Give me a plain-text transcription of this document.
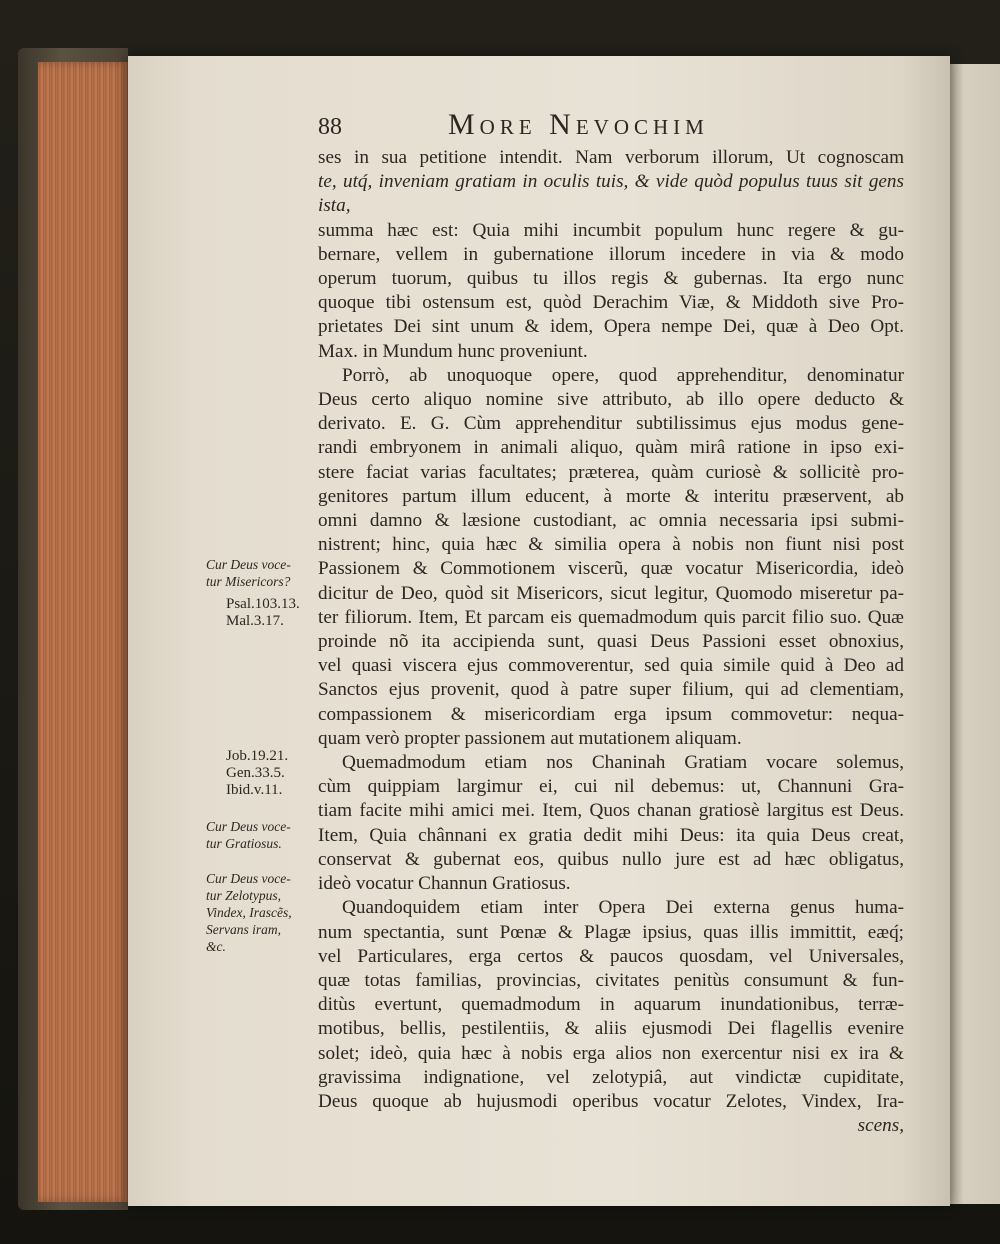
88	More Nevochim
ses in sua petitione intendit. Nam verborum illorum, Ut cognoscam
te, utq́, inveniam gratiam in oculis tuis, & vide quòd populus tuus sit gens ista,
summa hæc est: Quia mihi incumbit populum hunc regere & gu-
bernare, vellem in gubernatione illorum incedere in via & modo
operum tuorum, quibus tu illos regis & gubernas. Ita ergo nunc
quoque tibi ostensum est, quòd Derachim Viæ, & Middoth sive Pro-
prietates Dei sint unum & idem, Opera nempe Dei, quæ à Deo Opt.
Max. in Mundum hunc proveniunt.
Porrò, ab unoquoque opere, quod apprehenditur, denominatur
Deus certo aliquo nomine sive attributo, ab illo opere deducto &
derivato. E. G. Cùm apprehenditur subtilissimus ejus modus gene-
randi embryonem in animali aliquo, quàm mirâ ratione in ipso exi-
stere faciat varias facultates; præterea, quàm curiosè & sollicitè pro-
genitores partum illum educent, à morte & interitu præservent, ab
omni damno & læsione custodiant, ac omnia necessaria ipsi submi-
nistrent; hinc, quia hæc & similia opera à nobis non fiunt nisi post
Passionem & Commotionem viscerũ, quæ vocatur Misericordia, ideò
dicitur de Deo, quòd sit Misericors, sicut legitur, Quomodo miseretur pa-
ter filiorum. Item, Et parcam eis quemadmodum quis parcit filio suo. Quæ
proinde nõ ita accipienda sunt, quasi Deus Passioni esset obnoxius,
vel quasi viscera ejus commoverentur, sed quia simile quid à Deo ad
Sanctos ejus provenit, quod à patre super filium, qui ad clementiam,
compassionem & misericordiam erga ipsum commovetur: nequa-
quam verò propter passionem aut mutationem aliquam.
Quemadmodum etiam nos Chaninah Gratiam vocare solemus,
cùm quippiam largimur ei, cui nil debemus: ut, Channuni Gra-
tiam facite mihi amici mei. Item, Quos chanan gratiosè largitus est Deus.
Item, Quia chânnani ex gratia dedit mihi Deus: ita quia Deus creat,
conservat & gubernat eos, quibus nullo jure est ad hæc obligatus,
ideò vocatur Channun Gratiosus.
Quandoquidem etiam inter Opera Dei externa genus huma-
num spectantia, sunt Pœnæ & Plagæ ipsius, quas illis immittit, eæq́;
vel Particulares, erga certos & paucos quosdam, vel Universales,
quæ totas familias, provincias, civitates penitùs consumunt & fun-
ditùs evertunt, quemadmodum in aquarum inundationibus, terræ-
motibus, bellis, pestilentiis, & aliis ejusmodi Dei flagellis evenire
solet; ideò, quia hæc à nobis erga alios non exercentur nisi ex ira &
gravissima indignatione, vel zelotypiâ, aut vindictæ cupiditate,
Deus quoque ab hujusmodi operibus vocatur Zelotes, Vindex, Ira-
scens,
Cur Deus voce-
tur Misericors?
Psal.103.13.
Mal.3.17.
Job.19.21.
Gen.33.5.
Ibid.v.11.
Cur Deus voce-
tur Gratiosus.
Cur Deus voce-
tur Zelotypus,
Vindex, Irascẽs,
Servans iram,
&c.
